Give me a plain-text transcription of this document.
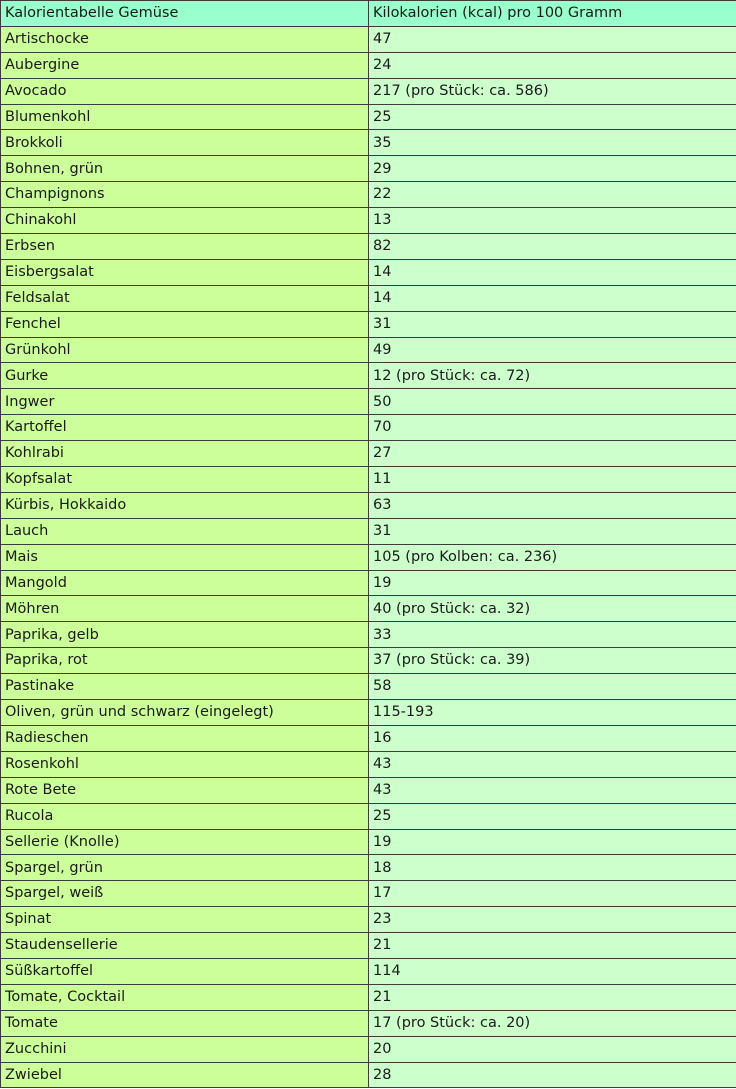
Kalorientabelle Gemüse	Kilokalorien (kcal) pro 100 Gramm
Artischocke	47
Aubergine	24
Avocado	217 (pro Stück: ca. 586)
Blumenkohl	25
Brokkoli	35
Bohnen, grün	29
Champignons	22
Chinakohl	13
Erbsen	82
Eisbergsalat	14
Feldsalat	14
Fenchel	31
Grünkohl	49
Gurke	12 (pro Stück: ca. 72)
Ingwer	50
Kartoffel	70
Kohlrabi	27
Kopfsalat	11
Kürbis, Hokkaido	63
Lauch	31
Mais	105 (pro Kolben: ca. 236)
Mangold	19
Möhren	40 (pro Stück: ca. 32)
Paprika, gelb	33
Paprika, rot	37 (pro Stück: ca. 39)
Pastinake	58
Oliven, grün und schwarz (eingelegt)	115-193
Radieschen	16
Rosenkohl	43
Rote Bete	43
Rucola	25
Sellerie (Knolle)	19
Spargel, grün	18
Spargel, weiß	17
Spinat	23
Staudensellerie	21
Süßkartoffel	114
Tomate, Cocktail	21
Tomate	17 (pro Stück: ca. 20)
Zucchini	20
Zwiebel	28
